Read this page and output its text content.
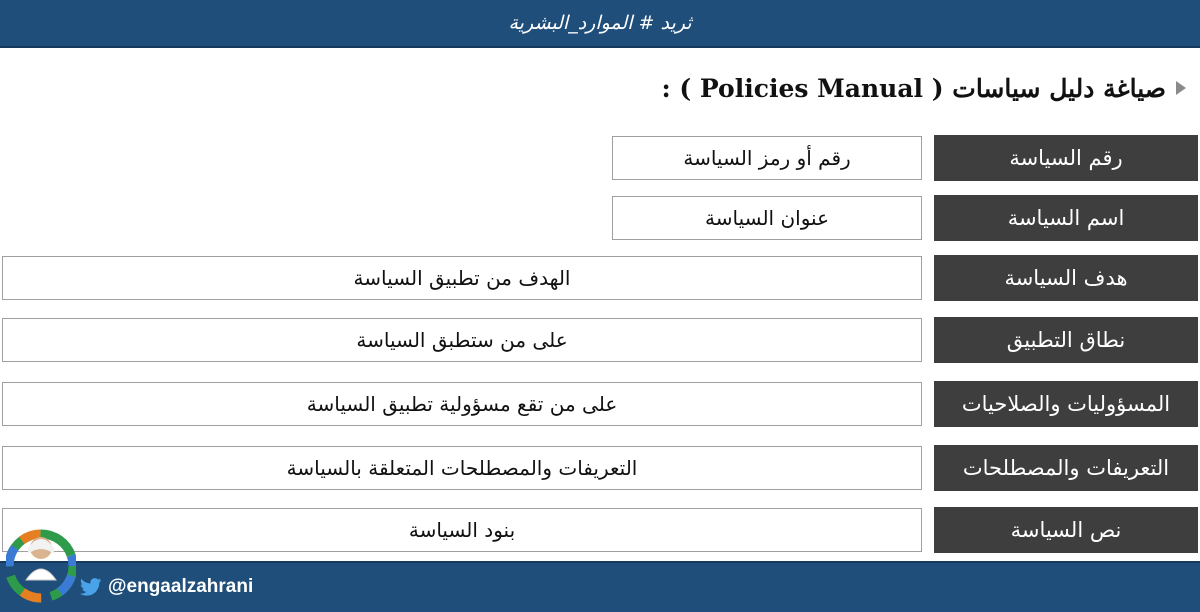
ثريد # الموارد_البشرية
صياغة دليل سياسات ( Policies Manual ) :
رقم السياسة
رقم أو رمز السياسة
اسم السياسة
عنوان السياسة
هدف السياسة
الهدف من تطبيق السياسة
نطاق التطبيق
على من ستطبق السياسة
المسؤوليات والصلاحيات
على من تقع مسؤولية تطبيق السياسة
التعريفات والمصطلحات
التعريفات والمصطلحات المتعلقة بالسياسة
نص السياسة
بنود السياسة
@engaalzahrani
